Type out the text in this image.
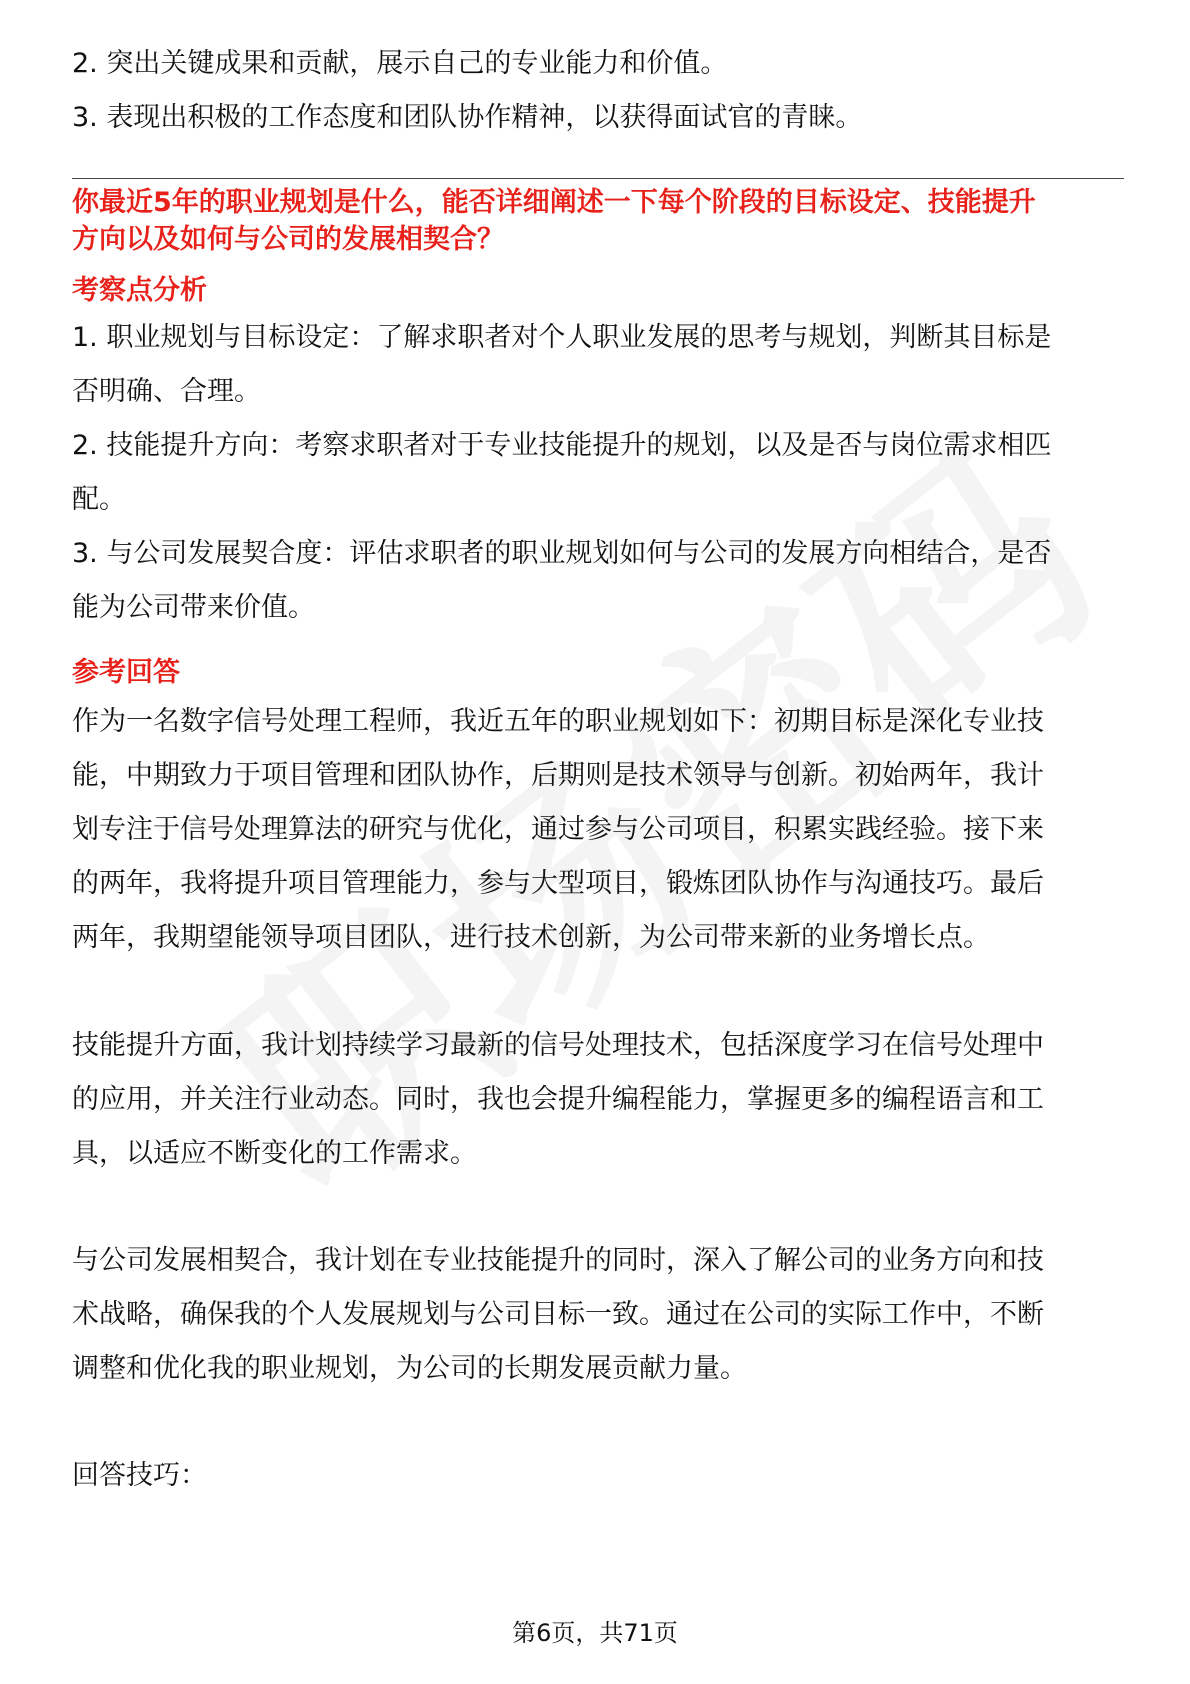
2. 突出关键成果和贡献，展示自己的专业能力和价值。
3. 表现出积极的工作态度和团队协作精神，以获得面试官的青睐。
你最近5年的职业规划是什么，能否详细阐述一下每个阶段的目标设定、技能提升
方向以及如何与公司的发展相契合？
考察点分析
1. 职业规划与目标设定：了解求职者对个人职业发展的思考与规划，判断其目标是
否明确、合理。
2. 技能提升方向：考察求职者对于专业技能提升的规划，以及是否与岗位需求相匹
配。
3. 与公司发展契合度：评估求职者的职业规划如何与公司的发展方向相结合，是否
能为公司带来价值。
参考回答
作为一名数字信号处理工程师，我近五年的职业规划如下：初期目标是深化专业技
能，中期致力于项目管理和团队协作，后期则是技术领导与创新。初始两年，我计
划专注于信号处理算法的研究与优化，通过参与公司项目，积累实践经验。接下来
的两年，我将提升项目管理能力，参与大型项目，锻炼团队协作与沟通技巧。最后
两年，我期望能领导项目团队，进行技术创新，为公司带来新的业务增长点。
技能提升方面，我计划持续学习最新的信号处理技术，包括深度学习在信号处理中
的应用，并关注行业动态。同时，我也会提升编程能力，掌握更多的编程语言和工
具，以适应不断变化的工作需求。
与公司发展相契合，我计划在专业技能提升的同时，深入了解公司的业务方向和技
术战略，确保我的个人发展规划与公司目标一致。通过在公司的实际工作中，不断
调整和优化我的职业规划，为公司的长期发展贡献力量。
回答技巧：
第6页，共71页
